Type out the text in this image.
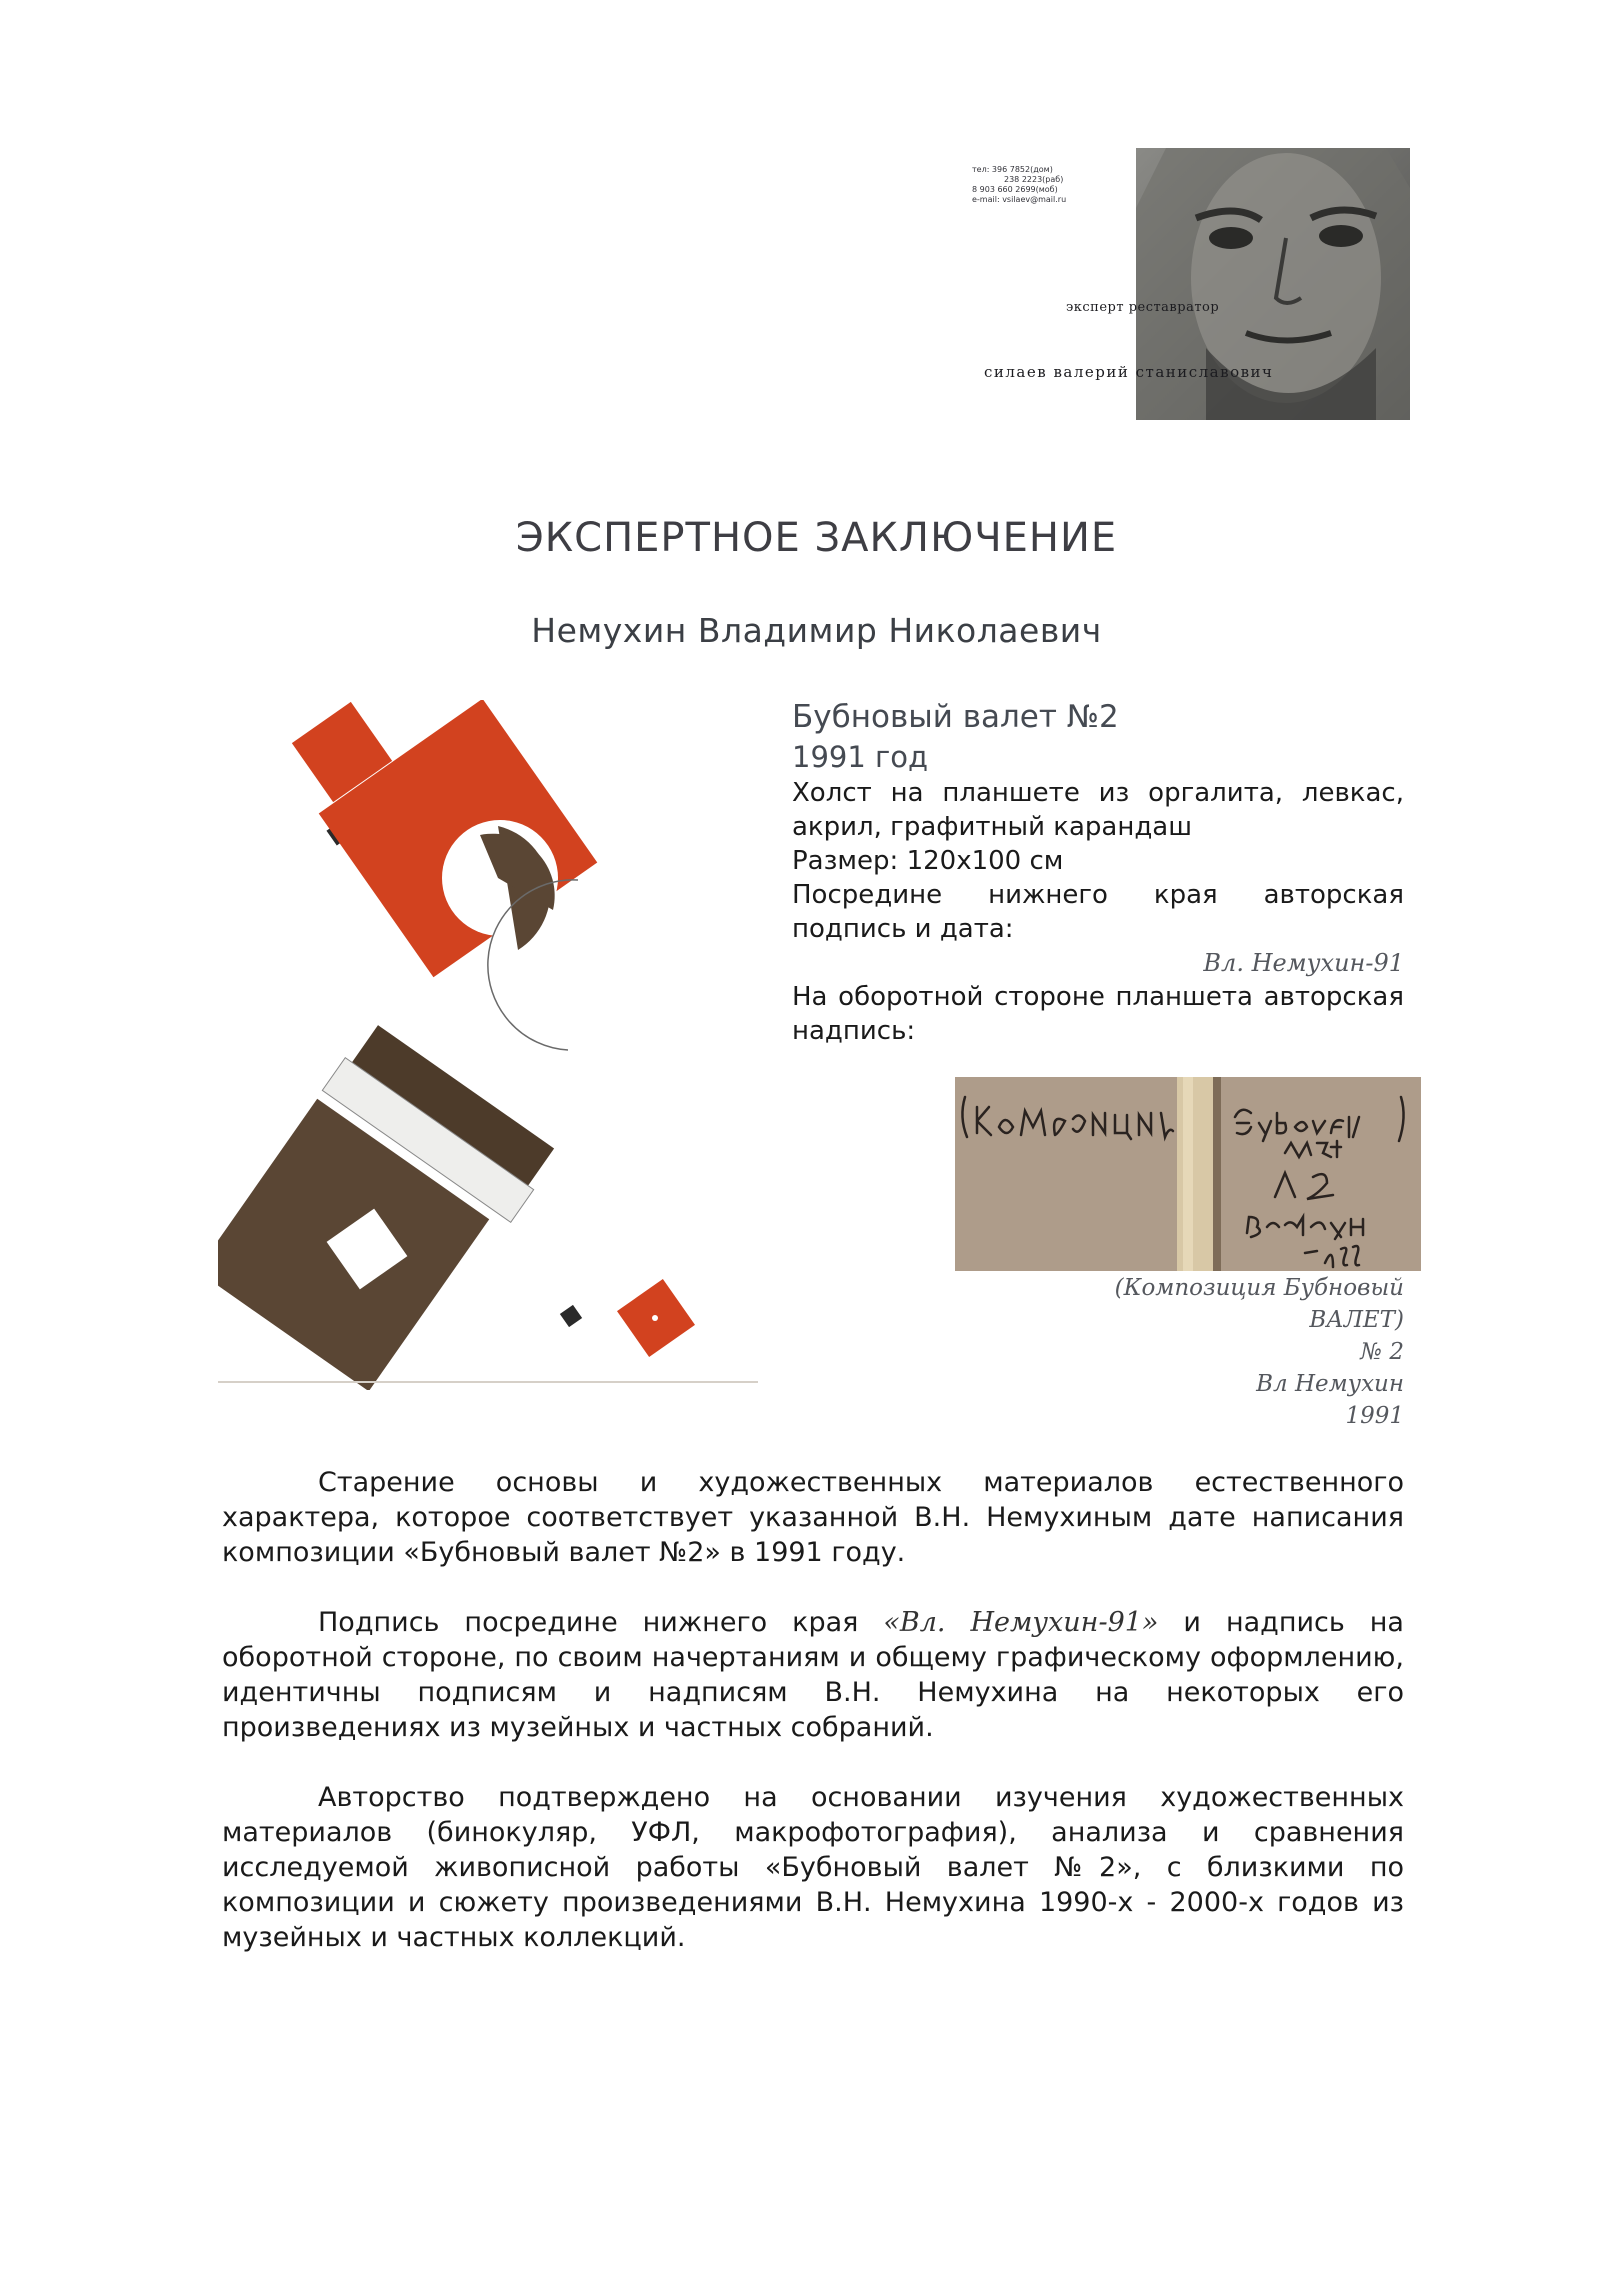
тел: 396 7852(дом)
238 2223(раб)
8 903 660 2699(моб)
e-mail: vsilaev@mail.ru
эксперт реставратор
силаев валерий станиславович
ЭКСПЕРТНОЕ ЗАКЛЮЧЕНИЕ
Немухин Владимир Николаевич
Бубновый валет №2
1991 год
Холст на планшете из оргалита, левкас, акрил, графитный карандаш
Размер: 120х100 см
Посредине нижнего края авторская подпись и дата:
Вл. Немухин-91
На оборотной стороне планшета авторская надпись:
(Композиция Бубновый
ВАЛЕТ)
№ 2
Вл Немухин
1991
Старение основы и художественных материалов естественного характера, которое соответствует указанной В.Н. Немухиным дате написания композиции «Бубновый валет №2» в 1991 году.
Подпись посредине нижнего края «Вл. Немухин-91» и надпись на оборотной стороне, по своим начертаниям и общему графическому оформлению, идентичны подписям и надписям В.Н. Немухина на некоторых его произведениях из музейных и частных собраний.
Авторство подтверждено на основании изучения художественных материалов (бинокуляр, УФЛ, макрофотография), анализа и сравнения исследуемой живописной работы «Бубновый валет №2», с близкими по композиции и сюжету произведениями В.Н. Немухина 1990-х - 2000-х годов из музейных и частных коллекций.
